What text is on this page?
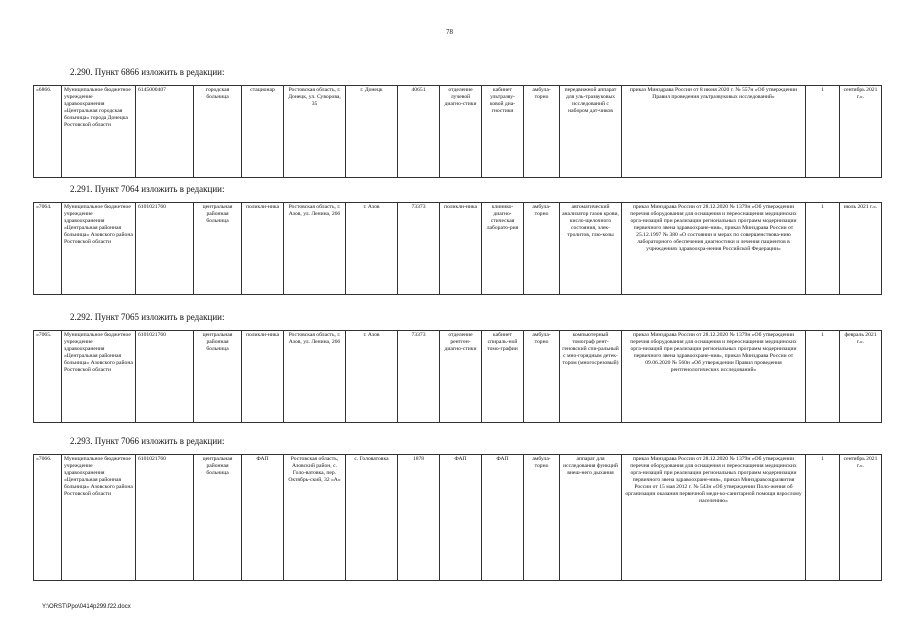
78
2.290. Пункт 6866 изложить в редакции:
«6866.	Муниципальное бюджетное учреждение здравоохранения «Центральная городская больница» города Донецка Ростовской области	6145000407	городская больница	стационар	Ростовская область, г. Донецк, ул. Суворова, 35	г. Донецк	40651	отделение лучевой диагно-стики	кабинет ультразву-ковой диа-гностики	амбула-торно	передвижной аппарат для уль-тразвуковых исследований с набором дат-чиков	приказ Минздрава России от 8 июня 2020 г. № 557н «Об утверждении Правил проведения ультразвуковых исследований»	1	сентябрь 2021 г.».
2.291. Пункт 7064 изложить в редакции:
«7064.	Муниципальное бюджетное учреждение здравоохранения «Центральная районная больница» Азовского района Ростовской области	6101021760	центральная районная больница	поликли-ника	Ростовская область, г. Азов, ул. Ленина, 266	г. Азов	73373	поликли-ника	клинико-диагно-стическая лаборато-рия	амбула-торно	автоматический анализатор газов крови, кисло-щелочного состояния, элек-тролитов, глю-козы	приказ Минздрава России от 28.12.2020 № 1379н «Об утверждении перечня оборудования для оснащения и переоснащения медицинских орга-низаций при реализации региональных программ модернизации первичного звена здравоохране-ния», приказ Минздрава России от 25.12.1997 № 380 «О состоянии и мерах по совершенствова-нию лабораторного обеспечения диагностики и лечения пациентов в учреждениях здравоохра-нения Российской Федерации»	1	июль 2021 г.».
2.292. Пункт 7065 изложить в редакции:
«7065.	Муниципальное бюджетное учреждение здравоохранения «Центральная районная больница» Азовского района Ростовской области	6101021760	центральная районная больница	поликли-ника	Ростовская область, г. Азов, ул. Ленина, 266	г. Азов	73373	отделение рентген-диагно-стики	кабинет спираль-ной томо-графии	амбула-торно	компьютерный томограф рент-геновский спи-ральный с мно-горядным детек-тором (многосрезовый)	приказ Минздрава России от 28.12.2020 № 1379н «Об утверждении перечня оборудования для оснащения и переоснащения медицинских орга-низаций при реализации региональных программ модернизации первичного звена здравоохране-ния», приказ Минздрава России от 09.06.2020 № 560н «Об утверждении Правил проведения рентгенологических исследований»	1	февраль 2021 г.».
2.293. Пункт 7066 изложить в редакции:
«7066.	Муниципальное бюджетное учреждение здравоохранения «Центральная районная больница» Азовского района Ростовской области	6101021760	центральная районная больница	ФАП	Ростовская область, Азовский район, с. Голо-ватовка, пер. Октябрь-ский, 32 «А»	с. Головатовка	1878	ФАП	ФАП	амбула-торно	аппарат для исследования функций внеш-него дыхания	приказ Минздрава России от 28.12.2020 № 1379н «Об утверждении перечня оборудования для оснащения и переоснащения медицинских орга-низаций при реализации региональных программ модернизации первичного звена здравоохране-ния», приказ Минздравсоцразвития России от 15 мая 2012 г. № 543н «Об утверждении Поло-жения об организации оказания первичной меди-ко-санитарной помощи взрослому населению»	1	сентябрь 2021 г.».
Y:\ORST\Ppo\0414p299.f22.docx
